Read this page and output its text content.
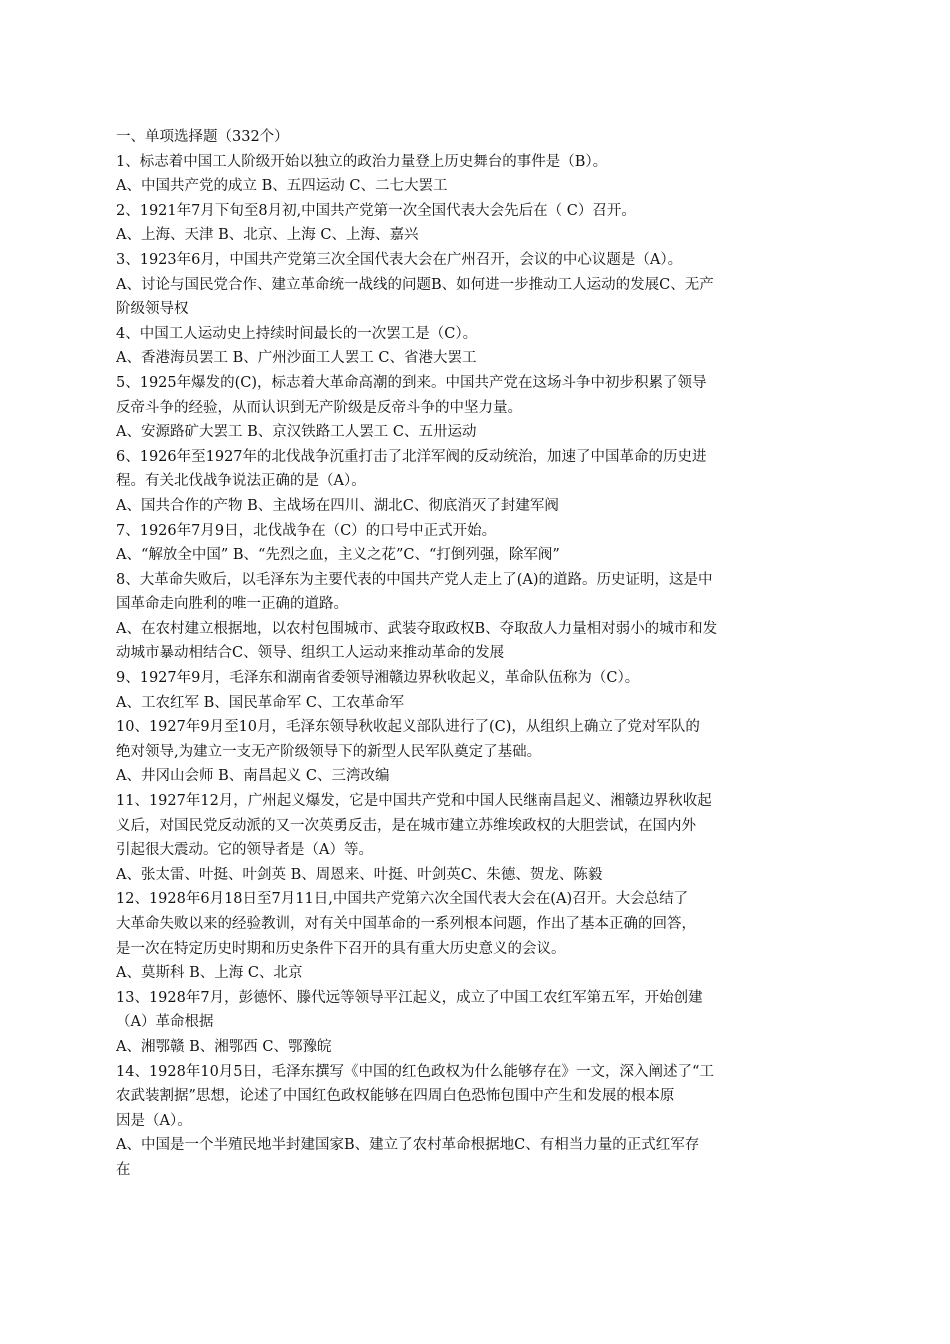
一、单项选择题（332个）
1、标志着中国工人阶级开始以独立的政治力量登上历史舞台的事件是（B）。
A、中国共产党的成立 B、五四运动 C、二七大罢工
2、1921年7月下旬至8月初,中国共产党第一次全国代表大会先后在（ C）召开。
A、上海、天津 B、北京、上海 C、上海、嘉兴
3、1923年6月，中国共产党第三次全国代表大会在广州召开，会议的中心议题是（A）。
A、讨论与国民党合作、建立革命统一战线的问题B、如何进一步推动工人运动的发展C、无产
阶级领导权
4、中国工人运动史上持续时间最长的一次罢工是（C）。
A、香港海员罢工 B、广州沙面工人罢工 C、省港大罢工
5、1925年爆发的(C)，标志着大革命高潮的到来。中国共产党在这场斗争中初步积累了领导
反帝斗争的经验，从而认识到无产阶级是反帝斗争的中坚力量。
A、安源路矿大罢工 B、京汉铁路工人罢工 C、五卅运动
6、1926年至1927年的北伐战争沉重打击了北洋军阀的反动统治，加速了中国革命的历史进
程。有关北伐战争说法正确的是（A）。
A、国共合作的产物 B、主战场在四川、湖北C、彻底消灭了封建军阀
7、1926年7月9日，北伐战争在（C）的口号中正式开始。
A、“解放全中国” B、“先烈之血，主义之花”C、“打倒列强，除军阀”
8、大革命失败后，以毛泽东为主要代表的中国共产党人走上了(A)的道路。历史证明，这是中
国革命走向胜利的唯一正确的道路。
A、在农村建立根据地，以农村包围城市、武装夺取政权B、夺取敌人力量相对弱小的城市和发
动城市暴动相结合C、领导、组织工人运动来推动革命的发展
9、1927年9月，毛泽东和湖南省委领导湘赣边界秋收起义，革命队伍称为（C）。
A、工农红军 B、国民革命军 C、工农革命军
10、1927年9月至10月，毛泽东领导秋收起义部队进行了(C)，从组织上确立了党对军队的
绝对领导,为建立一支无产阶级领导下的新型人民军队奠定了基础。
A、井冈山会师 B、南昌起义 C、三湾改编
11、1927年12月，广州起义爆发，它是中国共产党和中国人民继南昌起义、湘赣边界秋收起
义后，对国民党反动派的又一次英勇反击，是在城市建立苏维埃政权的大胆尝试，在国内外
引起很大震动。它的领导者是（A）等。
A、张太雷、叶挺、叶剑英 B、周恩来、叶挺、叶剑英C、朱德、贺龙、陈毅
12、1928年6月18日至7月11日,中国共产党第六次全国代表大会在(A)召开。大会总结了
大革命失败以来的经验教训，对有关中国革命的一系列根本问题，作出了基本正确的回答，
是一次在特定历史时期和历史条件下召开的具有重大历史意义的会议。
A、莫斯科 B、上海 C、北京
13、1928年7月，彭德怀、滕代远等领导平江起义，成立了中国工农红军第五军，开始创建
（A）革命根据
A、湘鄂赣 B、湘鄂西 C、鄂豫皖
14、1928年10月5日，毛泽东撰写《中国的红色政权为什么能够存在》一文，深入阐述了“工
农武装割据”思想，论述了中国红色政权能够在四周白色恐怖包围中产生和发展的根本原
因是（A）。
A、中国是一个半殖民地半封建国家B、建立了农村革命根据地C、有相当力量的正式红军存
在
